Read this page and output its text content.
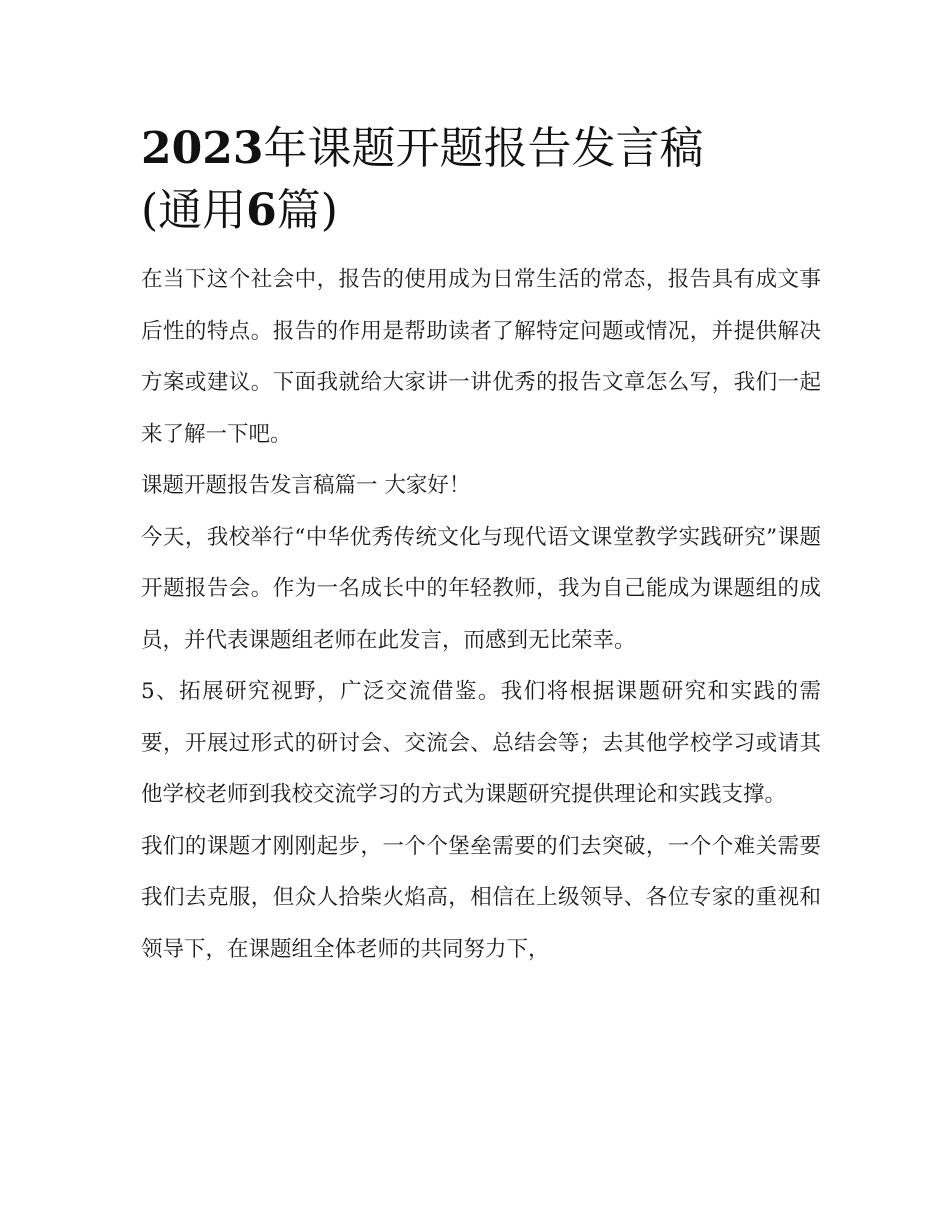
2023年课题开题报告发言稿
(通用6篇)

在当下这个社会中，报告的使用成为日常生活的常态，报告具有成文事后性的特点。报告的作用是帮助读者了解特定问题或情况，并提供解决方案或建议。下面我就给大家讲一讲优秀的报告文章怎么写，我们一起来了解一下吧。

课题开题报告发言稿篇一 大家好！

今天，我校举行“中华优秀传统文化与现代语文课堂教学实践研究”课题开题报告会。作为一名成长中的年轻教师，我为自己能成为课题组的成员，并代表课题组老师在此发言，而感到无比荣幸。

5、拓展研究视野，广泛交流借鉴。我们将根据课题研究和实践的需要，开展过形式的研讨会、交流会、总结会等；去其他学校学习或请其他学校老师到我校交流学习的方式为课题研究提供理论和实践支撑。

我们的课题才刚刚起步，一个个堡垒需要的们去突破，一个个难关需要我们去克服，但众人拾柴火焰高，相信在上级领导、各位专家的重视和领导下，在课题组全体老师的共同努力下，
